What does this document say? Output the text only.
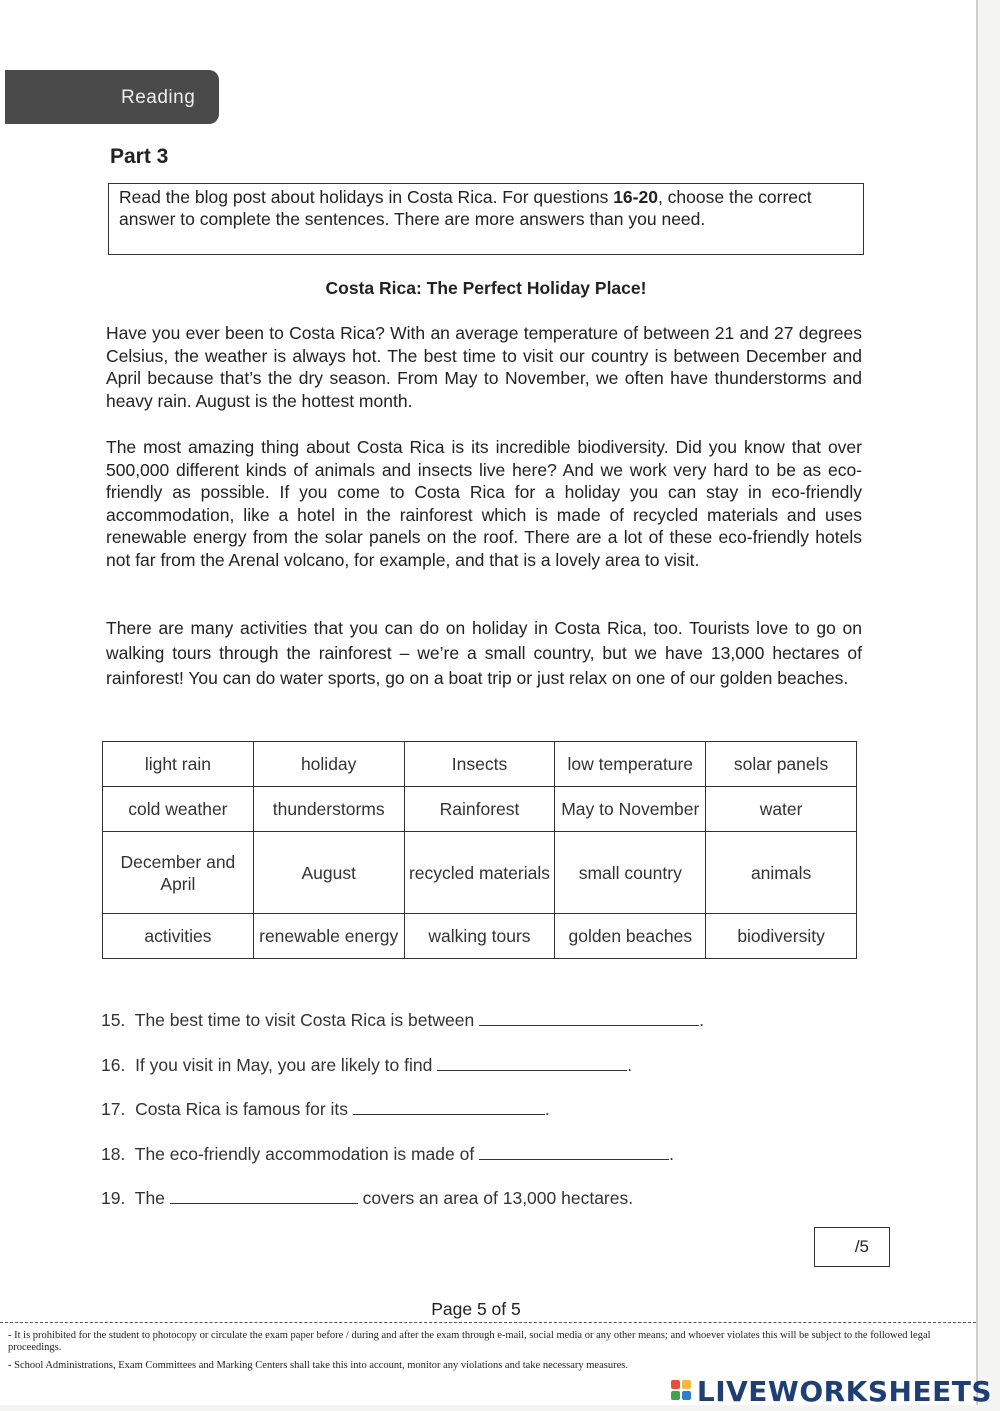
Reading
Part 3
Read the blog post about holidays in Costa Rica. For questions 16-20, choose the correct answer to complete the sentences. There are more answers than you need.
Costa Rica: The Perfect Holiday Place!
Have you ever been to Costa Rica? With an average temperature of between 21 and 27 degrees Celsius, the weather is always hot. The best time to visit our country is between December and April because that’s the dry season. From May to November, we often have thunderstorms and heavy rain. August is the hottest month.
The most amazing thing about Costa Rica is its incredible biodiversity. Did you know that over 500,000 different kinds of animals and insects live here? And we work very hard to be as eco-friendly as possible. If you come to Costa Rica for a holiday you can stay in eco-friendly accommodation, like a hotel in the rainforest which is made of recycled materials and uses renewable energy from the solar panels on the roof. There are a lot of these eco-friendly hotels not far from the Arenal volcano, for example, and that is a lovely area to visit.
There are many activities that you can do on holiday in Costa Rica, too. Tourists love to go on walking tours through the rainforest – we’re a small country, but we have 13,000 hectares of rainforest! You can do water sports, go on a boat trip or just relax on one of our golden beaches.
light rain	holiday	Insects	low temperature	solar panels
cold weather	thunderstorms	Rainforest	May to November	water
December and April	August	recycled materials	small country	animals
activities	renewable energy	walking tours	golden beaches	biodiversity
15. The best time to visit Costa Rica is between	.
16. If you visit in May, you are likely to find	.
17. Costa Rica is famous for its	.
18. The eco-friendly accommodation is made of	.
19. The	covers an area of 13,000 hectares.
/5
Page 5 of 5
- It is prohibited for the student to photocopy or circulate the exam paper before / during and after the exam through e-mail, social media or any other means; and whoever violates this will be subject to the followed legal proceedings.
- School Administrations, Exam Committees and Marking Centers shall take this into account, monitor any violations and take necessary measures.
LIVEWORKSHEETS
